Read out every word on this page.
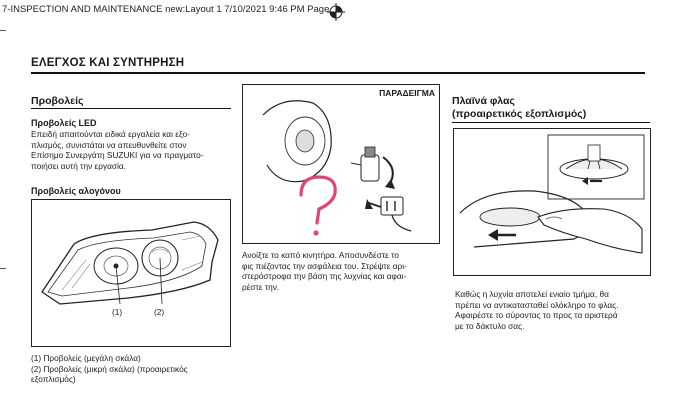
7-INSPECTION AND MAINTENANCE new:Layout 1 7/10/2021 9:46 PM Page
ΕΛΕΓΧΟΣ ΚΑΙ ΣΥΝΤΗΡΗΣΗ
Προβολείς
Προβολείς LED
Επειδή απαιτούνται ειδικά εργαλεία και εξο-
πλισμός, συνιστάται να απευθυνθείτε στον
Επίσημο Συνεργάτη SUZUKI για να πραγματο-
ποιήσει αυτή την εργασία.
Προβολείς αλογόνου
(1)	(2)
(1) Προβολείς (μεγάλη σκάλα)
(2) Προβολείς (μικρή σκάλα) (προαιρετικός
εξοπλισμός)
ΠΑΡΑΔΕΙΓΜΑ
Ανοίξτε το καπό κινητήρα. Αποσυνδέστε το
φις πιέζοντας την ασφάλεια του. Στρέψτε αρι-
στερόστροφα την βάση της λυχνίας και αφαι-
ρέστε την.
Πλαϊνά φλας
(προαιρετικός εξοπλισμός)
Καθώς η λυχνία αποτελεί ενιαίο τμήμα, θα
πρέπει να αντικατασταθεί ολόκληρο το φλας.
Αφαιρέστε το σύροντας το προς τα αριστερά
με το δάκτυλο σας.
